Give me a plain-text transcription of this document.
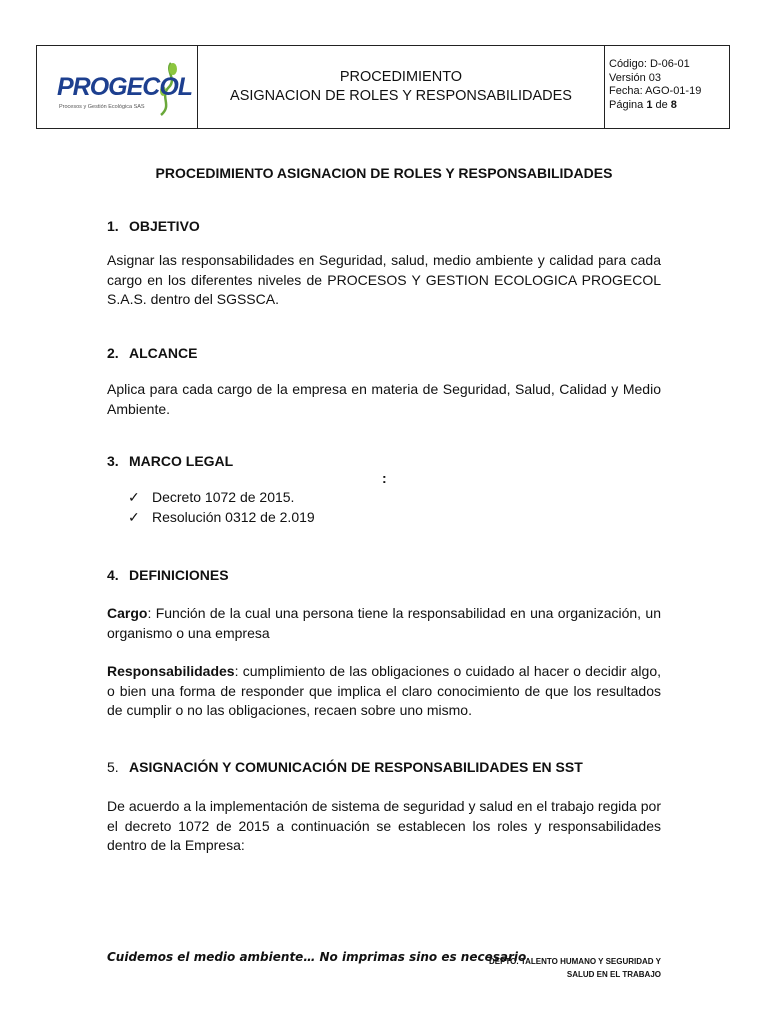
PROGECOL
Procesos y Gestión Ecológica SAS
PROCEDIMIENTO
ASIGNACION DE ROLES Y RESPONSABILIDADES
Código: D-06-01
Versión 03
Fecha: AGO-01-19
Página 1 de 8
PROCEDIMIENTO ASIGNACION DE ROLES Y RESPONSABILIDADES
1. OBJETIVO
Asignar las responsabilidades en Seguridad, salud, medio ambiente y calidad para cada cargo en los diferentes niveles de PROCESOS Y GESTION ECOLOGICA PROGECOL S.A.S. dentro del SGSSCA.
2. ALCANCE
Aplica para cada cargo de la empresa en materia de Seguridad, Salud, Calidad y Medio Ambiente.
3. MARCO LEGAL
:
✓ Decreto 1072 de 2015.
✓ Resolución 0312 de 2.019
4. DEFINICIONES
Cargo: Función de la cual una persona tiene la responsabilidad en una organización, un organismo o una empresa
Responsabilidades: cumplimiento de las obligaciones o cuidado al hacer o decidir algo, o bien una forma de responder que implica el claro conocimiento de que los resultados de cumplir o no las obligaciones, recaen sobre uno mismo.
5. ASIGNACIÓN Y COMUNICACIÓN DE RESPONSABILIDADES EN SST
De acuerdo a la implementación de sistema de seguridad y salud en el trabajo regida por el decreto 1072 de 2015 a continuación se establecen los roles y responsabilidades dentro de la Empresa:
Cuidemos el medio ambiente… No imprimas sino es necesario
DEPTO. TALENTO HUMANO Y SEGURIDAD Y
SALUD EN EL TRABAJO
